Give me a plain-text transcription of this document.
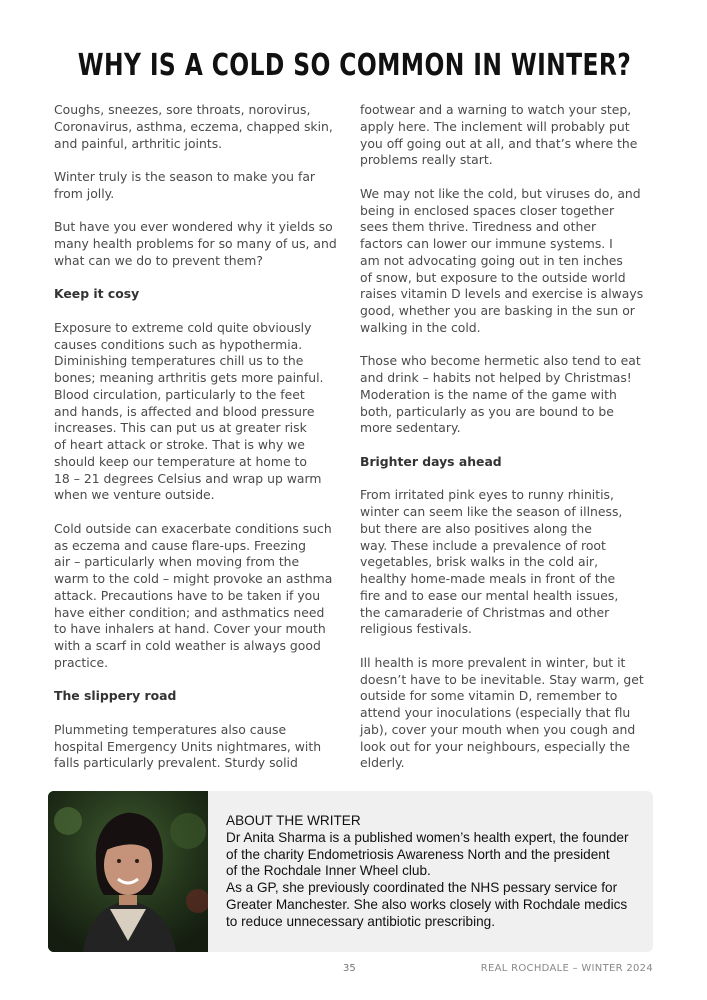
WHY IS A COLD SO COMMON IN WINTER?

Coughs, sneezes, sore throats, norovirus,
Coronavirus, asthma, eczema, chapped skin,
and painful, arthritic joints.

Winter truly is the season to make you far
from jolly.

But have you ever wondered why it yields so
many health problems for so many of us, and
what can we do to prevent them?

Keep it cosy

Exposure to extreme cold quite obviously
causes conditions such as hypothermia.
Diminishing temperatures chill us to the
bones; meaning arthritis gets more painful.
Blood circulation, particularly to the feet
and hands, is affected and blood pressure
increases. This can put us at greater risk
of heart attack or stroke. That is why we
should keep our temperature at home to
18 – 21 degrees Celsius and wrap up warm
when we venture outside.

Cold outside can exacerbate conditions such
as eczema and cause flare-ups. Freezing
air – particularly when moving from the
warm to the cold – might provoke an asthma
attack. Precautions have to be taken if you
have either condition; and asthmatics need
to have inhalers at hand. Cover your mouth
with a scarf in cold weather is always good
practice.

The slippery road

Plummeting temperatures also cause
hospital Emergency Units nightmares, with
falls particularly prevalent. Sturdy solid

footwear and a warning to watch your step,
apply here. The inclement will probably put
you off going out at all, and that’s where the
problems really start.

We may not like the cold, but viruses do, and
being in enclosed spaces closer together
sees them thrive. Tiredness and other
factors can lower our immune systems. I
am not advocating going out in ten inches
of snow, but exposure to the outside world
raises vitamin D levels and exercise is always
good, whether you are basking in the sun or
walking in the cold.

Those who become hermetic also tend to eat
and drink – habits not helped by Christmas!
Moderation is the name of the game with
both, particularly as you are bound to be
more sedentary.

Brighter days ahead

From irritated pink eyes to runny rhinitis,
winter can seem like the season of illness,
but there are also positives along the
way. These include a prevalence of root
vegetables, brisk walks in the cold air,
healthy home-made meals in front of the
fire and to ease our mental health issues,
the camaraderie of Christmas and other
religious festivals.

Ill health is more prevalent in winter, but it
doesn’t have to be inevitable. Stay warm, get
outside for some vitamin D, remember to
attend your inoculations (especially that flu
jab), cover your mouth when you cough and
look out for your neighbours, especially the
elderly.

ABOUT THE WRITER
Dr Anita Sharma is a published women’s health expert, the founder
of the charity Endometriosis Awareness North and the president
of the Rochdale Inner Wheel club.
As a GP, she previously coordinated the NHS pessary service for
Greater Manchester. She also works closely with Rochdale medics
to reduce unnecessary antibiotic prescribing.
35	REAL ROCHDALE – WINTER 2024
